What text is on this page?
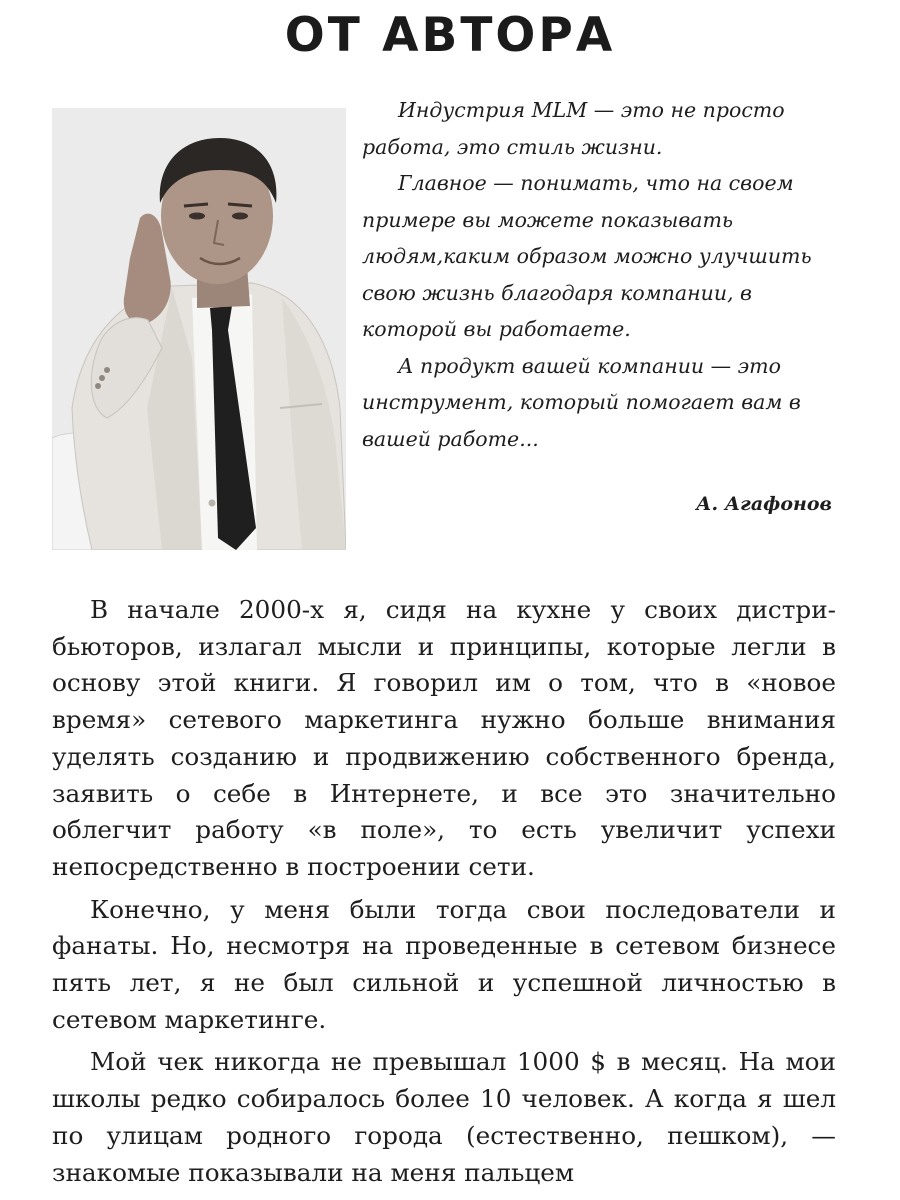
ОТ АВТОРА

Индустрия MLM — это не просто работа, это стиль жизни.

Главное — понимать, что на своем примере вы можете показывать людям,каким образом можно улучшить свою жизнь благодаря компании, в которой вы работаете.

А продукт вашей компании — это инструмент, который помогает вам в вашей работе...

А. Агафонов

В начале 2000-х я, сидя на кухне у своих дистрибьюторов, излагал мысли и принципы, которые легли в основу этой книги. Я говорил им о том, что в «новое время» сетевого маркетинга нужно больше внимания уделять созданию и продвижению собственного бренда, заявить о себе в Интернете, и все это значительно облегчит работу «в поле», то есть увеличит успехи непосредственно в построении сети.

Конечно, у меня были тогда свои последователи и фанаты. Но, несмотря на проведенные в сетевом бизнесе пять лет, я не был сильной и успешной личностью в сетевом маркетинге.

Мой чек никогда не превышал 1000 $ в месяц. На мои школы редко собиралось более 10 человек. А когда я шел по улицам родного города (естественно, пешком), — знакомые показывали на меня пальцем
